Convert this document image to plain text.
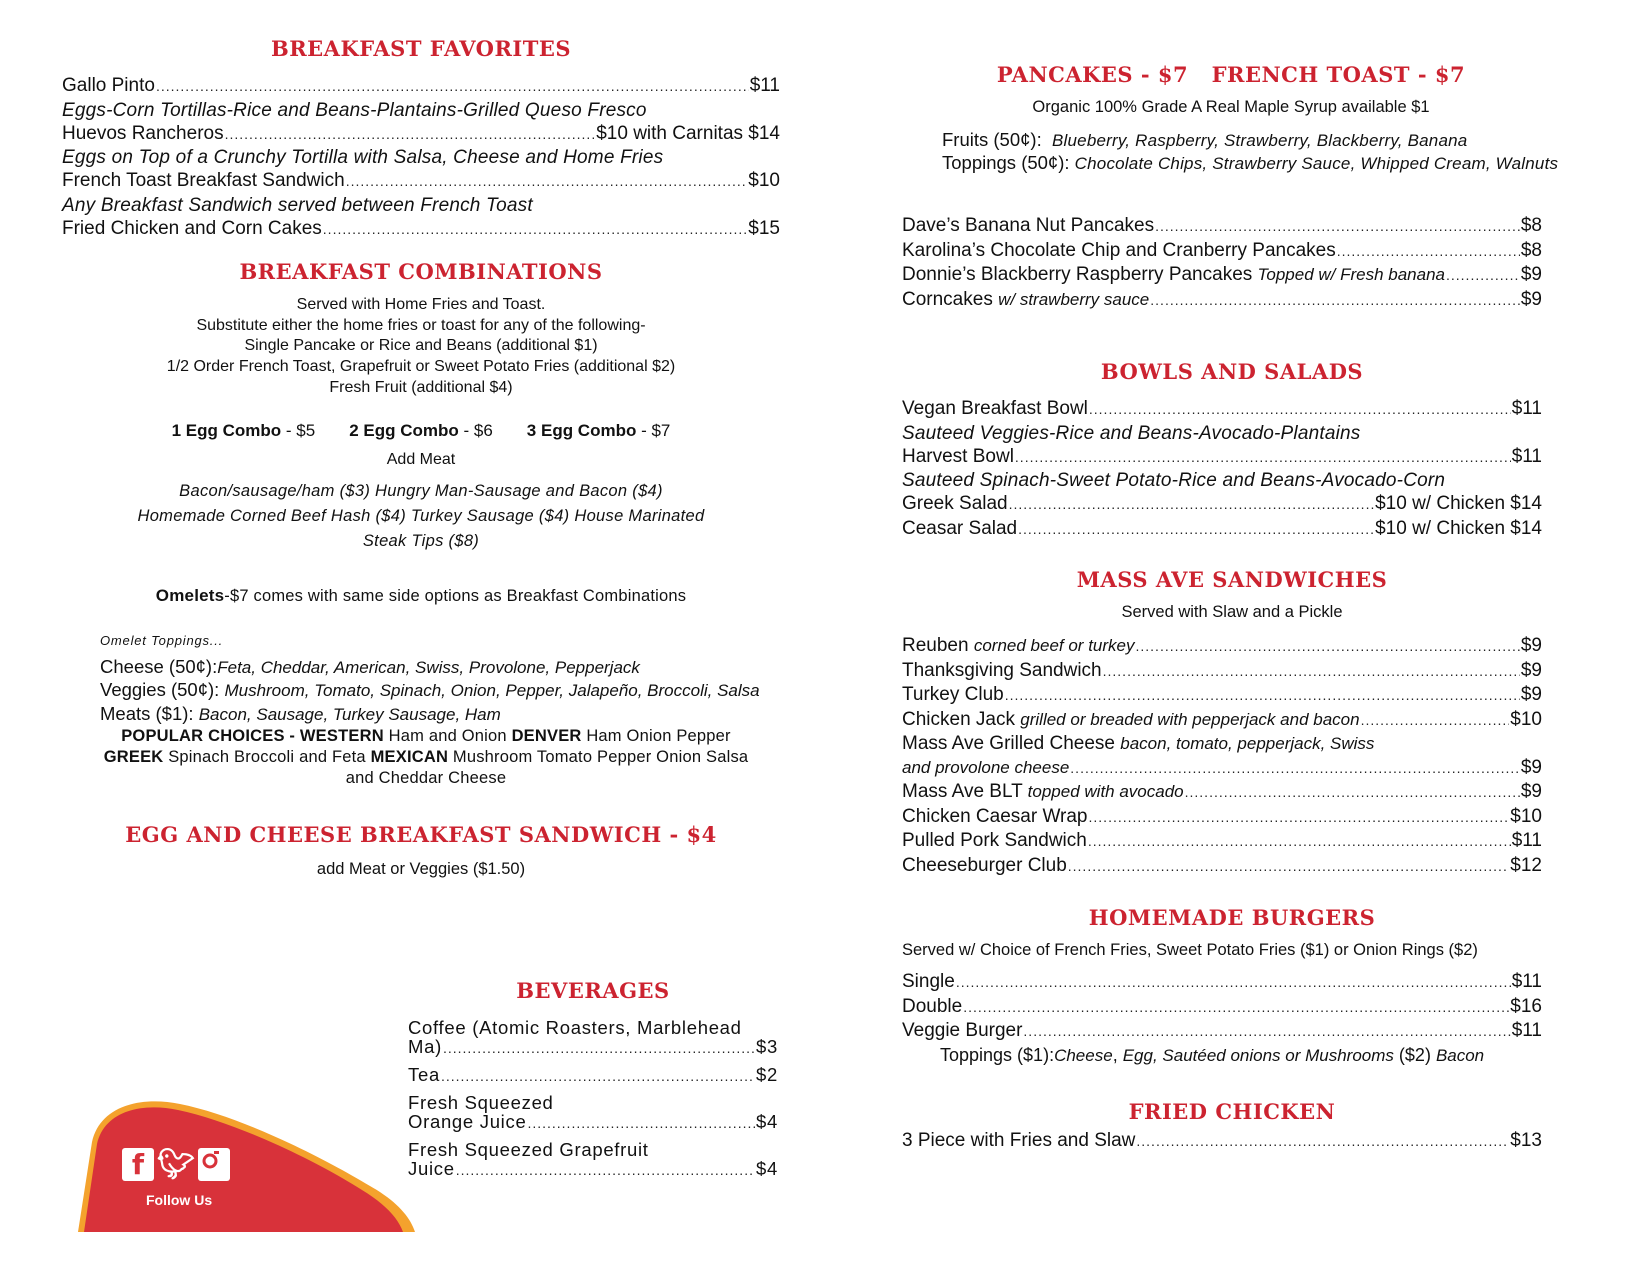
BREAKFAST FAVORITES
Gallo Pinto .....	$11
Eggs-Corn Tortillas-Rice and Beans-Plantains-Grilled Queso Fresco
Huevos Rancheros .....	$10 with Carnitas $14
Eggs on Top of a Crunchy Tortilla with Salsa, Cheese and Home Fries
French Toast Breakfast Sandwich .....	$10
Any Breakfast Sandwich served between French Toast
Fried Chicken and Corn Cakes .....	$15
BREAKFAST COMBINATIONS
Served with Home Fries and Toast.
Substitute either the home fries or toast for any of the following-
Single Pancake or Rice and Beans (additional $1)
1/2 Order French Toast, Grapefruit or Sweet Potato Fries (additional $2)
Fresh Fruit (additional $4)
1 Egg Combo - $5 2 Egg Combo - $6 3 Egg Combo - $7
Add Meat
Bacon/sausage/ham ($3) Hungry Man-Sausage and Bacon ($4)
Homemade Corned Beef Hash ($4) Turkey Sausage ($4) House Marinated
Steak Tips ($8)
Omelets-$7 comes with same side options as Breakfast Combinations
Omelet Toppings...
Cheese (50¢):Feta, Cheddar, American, Swiss, Provolone, Pepperjack
Veggies (50¢): Mushroom, Tomato, Spinach, Onion, Pepper, Jalapeño, Broccoli, Salsa
Meats ($1): Bacon, Sausage, Turkey Sausage, Ham
POPULAR CHOICES - WESTERN Ham and Onion DENVER Ham Onion Pepper GREEK Spinach Broccoli and Feta MEXICAN Mushroom Tomato Pepper Onion Salsa and Cheddar Cheese
EGG AND CHEESE BREAKFAST SANDWICH - $4
add Meat or Veggies ($1.50)
BEVERAGES
Coffee (Atomic Roasters, Marblehead
Ma) .....	$3
Tea .....	$2
Fresh Squeezed
Orange Juice .....	$4
Fresh Squeezed Grapefruit
Juice .....	$4
f 🐦︎
Follow Us
PANCAKES - $7   FRENCH TOAST - $7
Organic 100% Grade A Real Maple Syrup available $1
Fruits (50¢):  Blueberry, Raspberry, Strawberry, Blackberry, Banana
Toppings (50¢): Chocolate Chips, Strawberry Sauce, Whipped Cream, Walnuts
Dave’s Banana Nut Pancakes .....	$8
Karolina’s Chocolate Chip and Cranberry Pancakes .....	$8
Donnie’s Blackberry Raspberry Pancakes Topped w/ Fresh banana .....	$9
Corncakes w/ strawberry sauce .....	$9
BOWLS AND SALADS
Vegan Breakfast Bowl .....	$11
Sauteed Veggies-Rice and Beans-Avocado-Plantains
Harvest Bowl .....	$11
Sauteed Spinach-Sweet Potato-Rice and Beans-Avocado-Corn
Greek Salad .....	$10 w/ Chicken $14
Ceasar Salad .....	$10 w/ Chicken $14
MASS AVE SANDWICHES
Served with Slaw and a Pickle
Reuben corned beef or turkey .....	$9
Thanksgiving Sandwich .....	$9
Turkey Club .....	$9
Chicken Jack grilled or breaded with pepperjack and bacon .....	$10
Mass Ave Grilled Cheese bacon, tomato, pepperjack, Swiss
and provolone cheese .....	$9
Mass Ave BLT topped with avocado .....	$9
Chicken Caesar Wrap .....	$10
Pulled Pork Sandwich .....	$11
Cheeseburger Club .....	$12
HOMEMADE BURGERS
Served w/ Choice of French Fries, Sweet Potato Fries ($1) or Onion Rings ($2)
Single .....	$11
Double .....	$16
Veggie Burger .....	$11
Toppings ($1):Cheese, Egg, Sautéed onions or Mushrooms ($2) Bacon
FRIED CHICKEN
3 Piece with Fries and Slaw .....	$13
